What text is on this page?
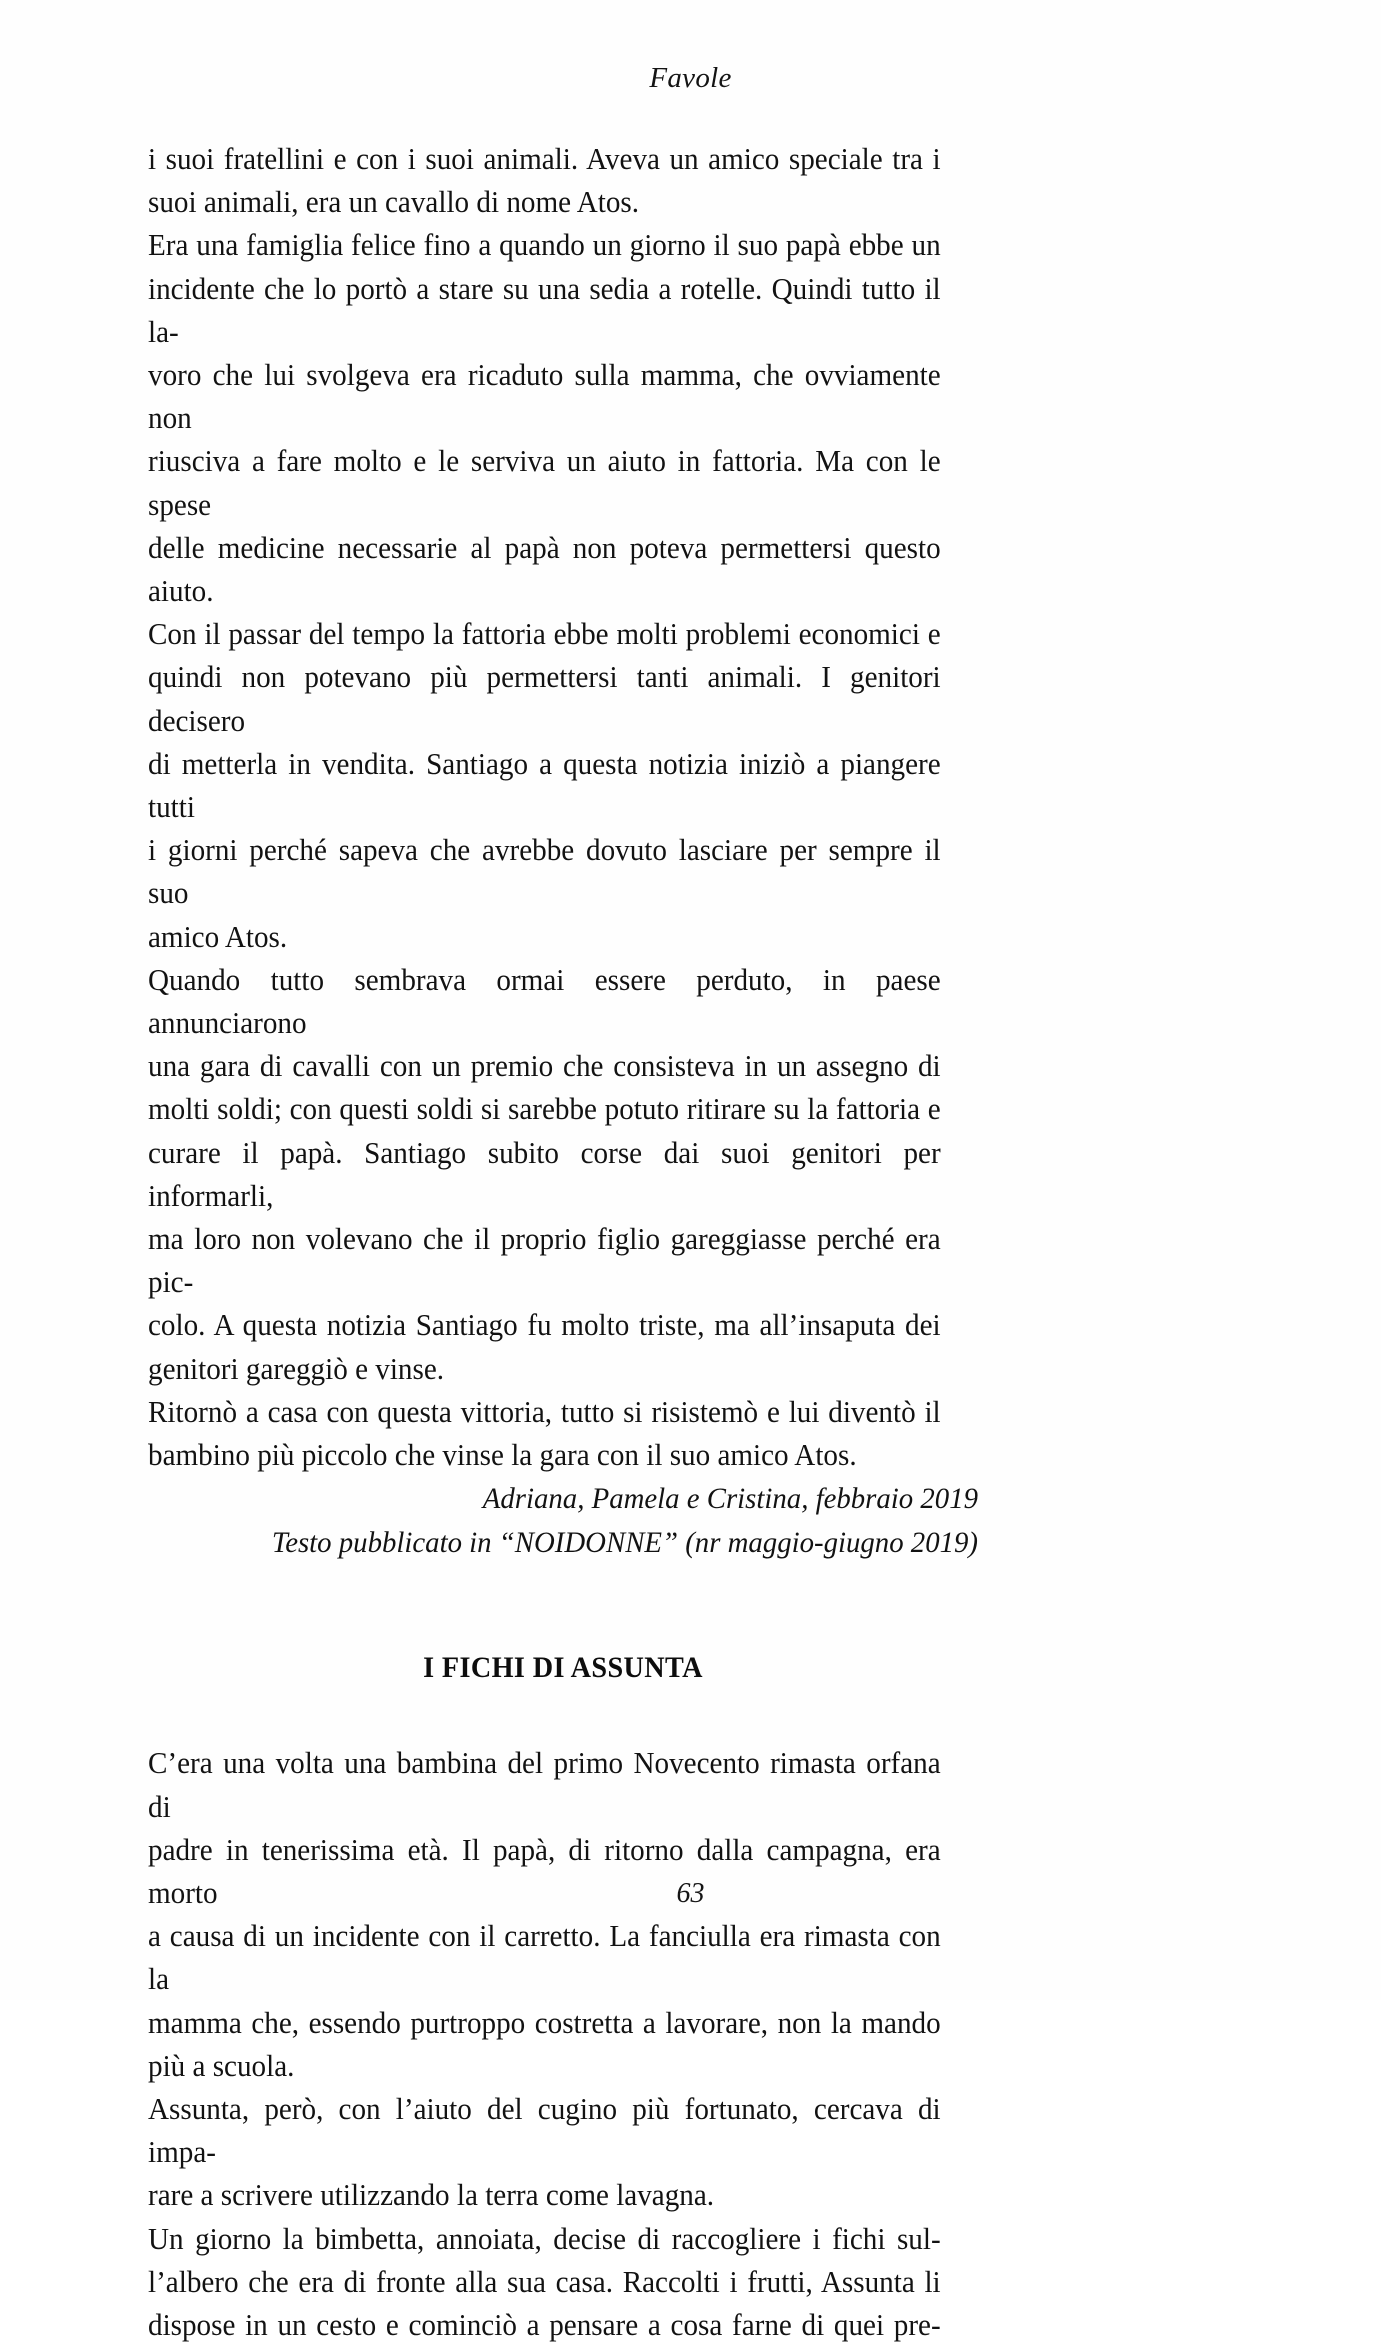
Favole
i suoi fratellini e con i suoi animali. Aveva un amico speciale tra i
suoi animali, era un cavallo di nome Atos.
Era una famiglia felice fino a quando un giorno il suo papà ebbe un
incidente che lo portò a stare su una sedia a rotelle. Quindi tutto il la-
voro che lui svolgeva era ricaduto sulla mamma, che ovviamente non
riusciva a fare molto e le serviva un aiuto in fattoria. Ma con le spese
delle medicine necessarie al papà non poteva permettersi questo
aiuto.
Con il passar del tempo la fattoria ebbe molti problemi economici e
quindi non potevano più permettersi tanti animali. I genitori decisero
di metterla in vendita. Santiago a questa notizia iniziò a piangere tutti
i giorni perché sapeva che avrebbe dovuto lasciare per sempre il suo
amico Atos.
Quando tutto sembrava ormai essere perduto, in paese annunciarono
una gara di cavalli con un premio che consisteva in un assegno di
molti soldi; con questi soldi si sarebbe potuto ritirare su la fattoria e
curare il papà. Santiago subito corse dai suoi genitori per informarli,
ma loro non volevano che il proprio figlio gareggiasse perché era pic-
colo. A questa notizia Santiago fu molto triste, ma all’insaputa dei
genitori gareggiò e vinse.
Ritornò a casa con questa vittoria, tutto si risistemò e lui diventò il
bambino più piccolo che vinse la gara con il suo amico Atos.
Adriana, Pamela e Cristina, febbraio 2019
Testo pubblicato in “NOIDONNE” (nr maggio-giugno 2019)
I FICHI DI ASSUNTA
C’era una volta una bambina del primo Novecento rimasta orfana di
padre in tenerissima età. Il papà, di ritorno dalla campagna, era morto
a causa di un incidente con il carretto. La fanciulla era rimasta con la
mamma che, essendo purtroppo costretta a lavorare, non la mando
più a scuola.
Assunta, però, con l’aiuto del cugino più fortunato, cercava di impa-
rare a scrivere utilizzando la terra come lavagna.
Un giorno la bimbetta, annoiata, decise di raccogliere i fichi sul-
l’albero che era di fronte alla sua casa. Raccolti i frutti, Assunta li
dispose in un cesto e cominciò a pensare a cosa farne di quei pre-
63
